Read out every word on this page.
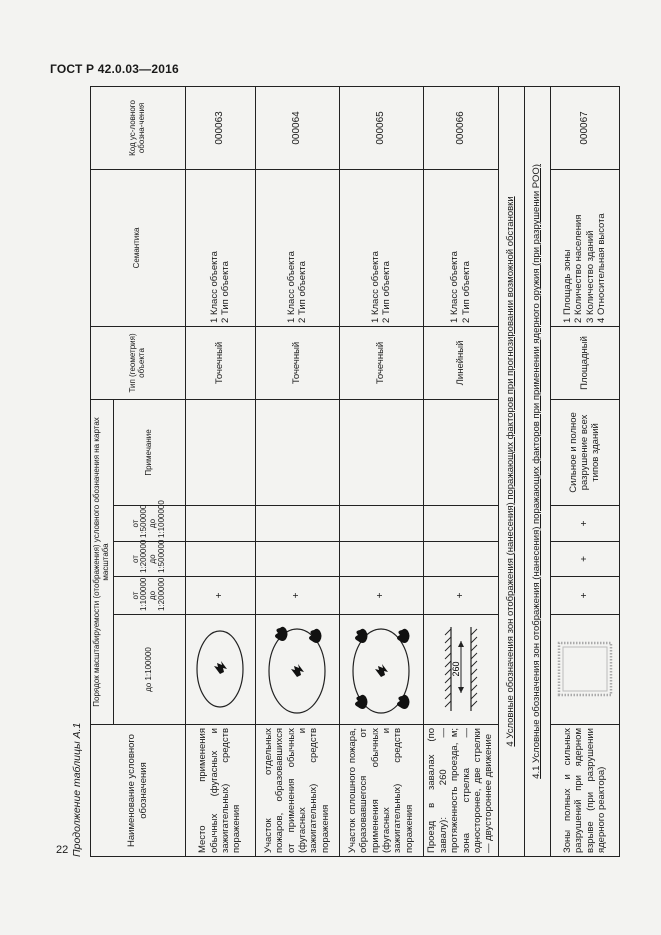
ГОСТ Р 42.0.03—2016
22 Продолжение таблицы А.1	Наименование условного обозначения	Порядок масштабируемости (отображения) условного обозначения на картах масштаба					Тип (геометрия) объекта	Семантика	Код ус-ловного обозна-чения
	до 1:100000	от 1:100000 до 1:200000	от 1:200000 до 1:500000	от 1:500000 до 1:1000000	Примечание			
Место применения обычных (фугасных и зажигательных) средств поражения		+				Точечный	1 Класс объекта 2 Тип объекта	000063
Участок отдельных пожаров, образовавшихся от применения обычных (фугасных и зажигательных) средств поражения		+				Точечный	1 Класс объекта 2 Тип объекта	000064
Участок сплошного пожара, образовавшегося от применения обычных (фугасных и зажигательных) средств поражения		+				Точечный	1 Класс объекта 2 Тип объекта	000065
Проезд в завалах (по завалу): 260 — протяженность проезда, м; зона стрелка — односторонее, две стрелки — двустороннее движение	260	+				Линейный	1 Класс объекта 2 Тип объекта	000066
4 Условные обозначения зон отображения (нанесения) поражающих факторов при прогнозировании возможной обстановки								
4.1 Условные обозначения зон отображения (нанесения) поражающих факторов при применении ядерного оружия (при разрушении РОО)								
Зоны полных и сильных разрушений при ядерном взрыве (при разрушении ядерного реактора)		+	+	+	Сильное и полное разрушение всех типов зданий	Площадный	1 Площадь зоны 2 Количество населения 3 Количество зданий 4 Относительная высота	000067
